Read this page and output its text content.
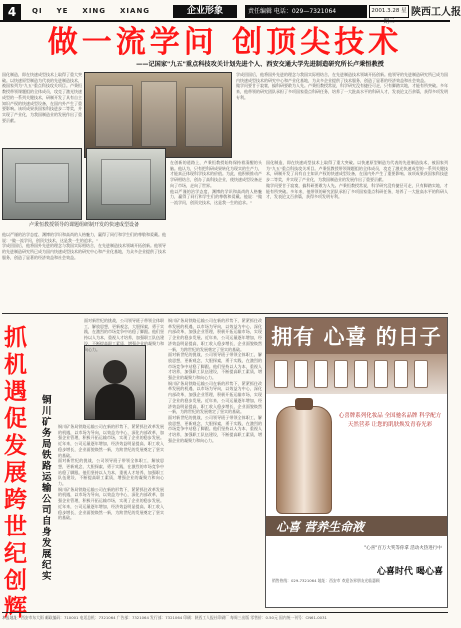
4	QI YE XING XIANG	企业形象	责任编辑 电话：029—7321064	2001.3.28 星期三
陕西工人报
做一流学问 创顶尖技术
——记国家"九五"重点科技攻关计划先进个人、西安交通大学先进制造研究所长卢秉恒教授
国化制造，即在快速成型技术上取得了重大突破。以快速原型制造为代表的先进制造技术，被国家列为"九五"重点科技攻关项目。卢秉恒教授带领课题组的全体成员，攻克了激光快速成型的一系列关键技术，研制开发了具有自主知识产权的快速成型设备，在国内外产生了重要影响。该项成果获国家科技进步二等奖，并实现了产业化，为我国制造业的发展作出了重要贡献。
学成回国后，他将国外先进的理念与我国实际相结合，在先进制造技术领域开拓创新。他领导的先进制造研究所已成为国内快速成型技术的研究中心和产业化基地，为众多企业提供了技术服务，创造了显著的经济效益和社会效益。
做学问要甘于寂寞，搞科研要敢为人先。卢秉恒教授常说，科学研究没有捷径可走，只有脚踏实地，才能有所突破。多年来，他带领的研究团队承担了多项国家重点科研任务，培养了一大批高水平的科研人才，发表论文百余篇，获得多项发明专利。
卢秉恒教授领导的课题组研制开发的快速成型设备
在创新的道路上，卢秉恒教授始终保持着清醒的头脑。他认为，只有把科研成果转化为现实的生产力，才能真正体现科学技术的价值。为此，他积极推动产学研相结合，创办了高科技企业，使快速成型设备走向了市场，走向了世界。
他以严谨的治学态度、渊博的学识和高尚的人格魅力，赢得了同行和学生们的尊敬和爱戴。他说："做一流学问，创顶尖技术，这是我一生的追求。"
国化制造，即在快速成型技术上取得了重大突破。以快速原型制造为代表的先进制造技术，被国家列为"九五"重点科技攻关项目。卢秉恒教授带领课题组的全体成员，攻克了激光快速成型的一系列关键技术，研制开发了具有自主知识产权的快速成型设备，在国内外产生了重要影响。该项成果获国家科技进步二等奖，并实现了产业化，为我国制造业的发展作出了重要贡献。
做学问要甘于寂寞，搞科研要敢为人先。卢秉恒教授常说，科学研究没有捷径可走，只有脚踏实地，才能有所突破。多年来，他带领的研究团队承担了多项国家重点科研任务，培养了一大批高水平的科研人才，发表论文百余篇，获得多项发明专利。
他以严谨的治学态度、渊博的学识和高尚的人格魅力，赢得了同行和学生们的尊敬和爱戴。他说："做一流学问，创顶尖技术，这是我一生的追求。"
学成回国后，他将国外先进的理念与我国实际相结合，在先进制造技术领域开拓创新。他领导的先进制造研究所已成为国内快速成型技术的研究中心和产业化基地，为众多企业提供了技术服务，创造了显著的经济效益和社会效益。
抓
机
遇
促
发
展
跨
世
纪
创
辉
铜
川
矿
务
局
铁
路
运
输
公
司
自
身
发
展
纪
实
面对新世纪的挑战，公司领导班子带领全体职工，解放思想，更新观念，大胆探索，勇于实践，在激烈的市场竞争中站稳了脚跟。他们坚持以人为本，重视人才培养，加强职工队伍建设，不断提高职工素质，增强企业的凝聚力和向心力。
铜川矿务局铁路运输公司在新的形势下，紧紧抓住改革发展的机遇，以市场为导向，以效益为中心，深化内部改革，加强企业管理，积极开拓运输市场，实现了企业的稳步发展。近年来，公司运量逐年增加，经济效益明显提高，职工收入稳步增长，企业面貌焕然一新，为跨世纪的发展奠定了坚实的基础。
面对新世纪的挑战，公司领导班子带领全体职工，解放思想，更新观念，大胆探索，勇于实践，在激烈的市场竞争中站稳了脚跟。他们坚持以人为本，重视人才培养，加强职工队伍建设，不断提高职工素质，增强企业的凝聚力和向心力。
铜川矿务局铁路运输公司在新的形势下，紧紧抓住改革发展的机遇，以市场为导向，以效益为中心，深化内部改革，加强企业管理，积极开拓运输市场，实现了企业的稳步发展。近年来，公司运量逐年增加，经济效益明显提高，职工收入稳步增长，企业面貌焕然一新，为跨世纪的发展奠定了坚实的基础。
铜川矿务局铁路运输公司在新的形势下，紧紧抓住改革发展的机遇，以市场为导向，以效益为中心，深化内部改革，加强企业管理，积极开拓运输市场，实现了企业的稳步发展。近年来，公司运量逐年增加，经济效益明显提高，职工收入稳步增长，企业面貌焕然一新，为跨世纪的发展奠定了坚实的基础。
面对新世纪的挑战，公司领导班子带领全体职工，解放思想，更新观念，大胆探索，勇于实践，在激烈的市场竞争中站稳了脚跟。他们坚持以人为本，重视人才培养，加强职工队伍建设，不断提高职工素质，增强企业的凝聚力和向心力。
铜川矿务局铁路运输公司在新的形势下，紧紧抓住改革发展的机遇，以市场为导向，以效益为中心，深化内部改革，加强企业管理，积极开拓运输市场，实现了企业的稳步发展。近年来，公司运量逐年增加，经济效益明显提高，职工收入稳步增长，企业面貌焕然一新，为跨世纪的发展奠定了坚实的基础。
面对新世纪的挑战，公司领导班子带领全体职工，解放思想，更新观念，大胆探索，勇于实践，在激烈的市场竞争中站稳了脚跟。他们坚持以人为本，重视人才培养，加强职工队伍建设，不断提高职工素质，增强企业的凝聚力和向心力。
拥有 心喜 的日子
心喜牌系列化妆品 全国驰名品牌 科学配方 天然营养 让您的肌肤焕发青春光彩
心喜 营养生命液
"心喜"百万大奖等你拿 活动火热进行中
心喜时代 喝心喜
销售热线：029-7321064 地址：西安市 欢迎各界朋友光临惠顾
本报地址：西安市东大街 邮政编码：710001 电话总机：7321064 广告部：7321064 发行部：7321064 印刷：陕西工人报社印刷厂 每周三出版 零售价：0.50元 国内统一刊号：CN61-0031
